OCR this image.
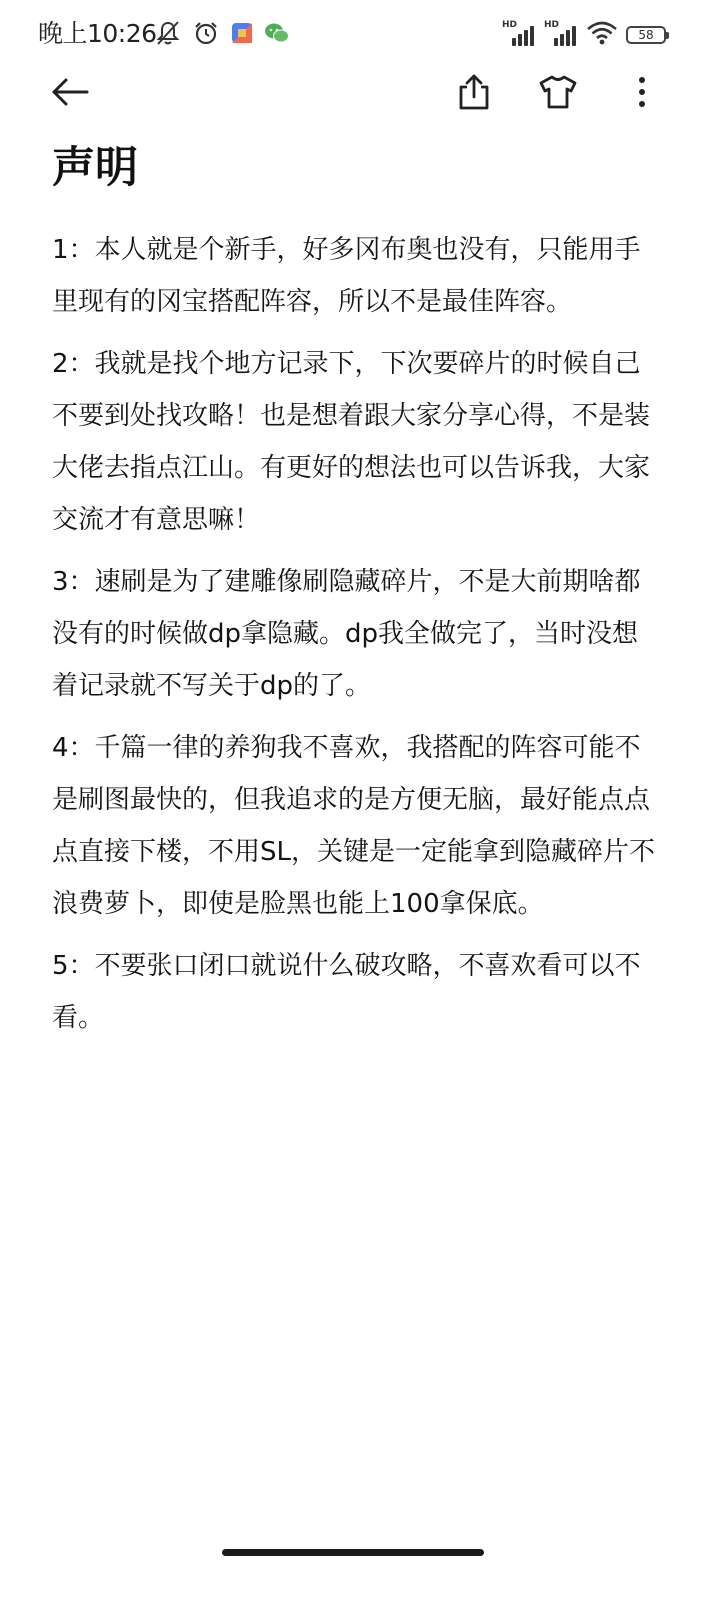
晚上10:26	HD	HD
58
声明

1：本人就是个新手，好多冈布奥也没有，只能用手里现有的冈宝搭配阵容，所以不是最佳阵容。

2：我就是找个地方记录下，下次要碎片的时候自己不要到处找攻略！也是想着跟大家分享心得，不是装大佬去指点江山。有更好的想法也可以告诉我，大家交流才有意思嘛！

3：速刷是为了建雕像刷隐藏碎片，不是大前期啥都没有的时候做dp拿隐藏。dp我全做完了，当时没想着记录就不写关于dp的了。

4：千篇一律的养狗我不喜欢，我搭配的阵容可能不是刷图最快的，但我追求的是方便无脑，最好能点点点直接下楼，不用SL，关键是一定能拿到隐藏碎片不浪费萝卜，即使是脸黑也能上100拿保底。

5：不要张口闭口就说什么破攻略，不喜欢看可以不看。
